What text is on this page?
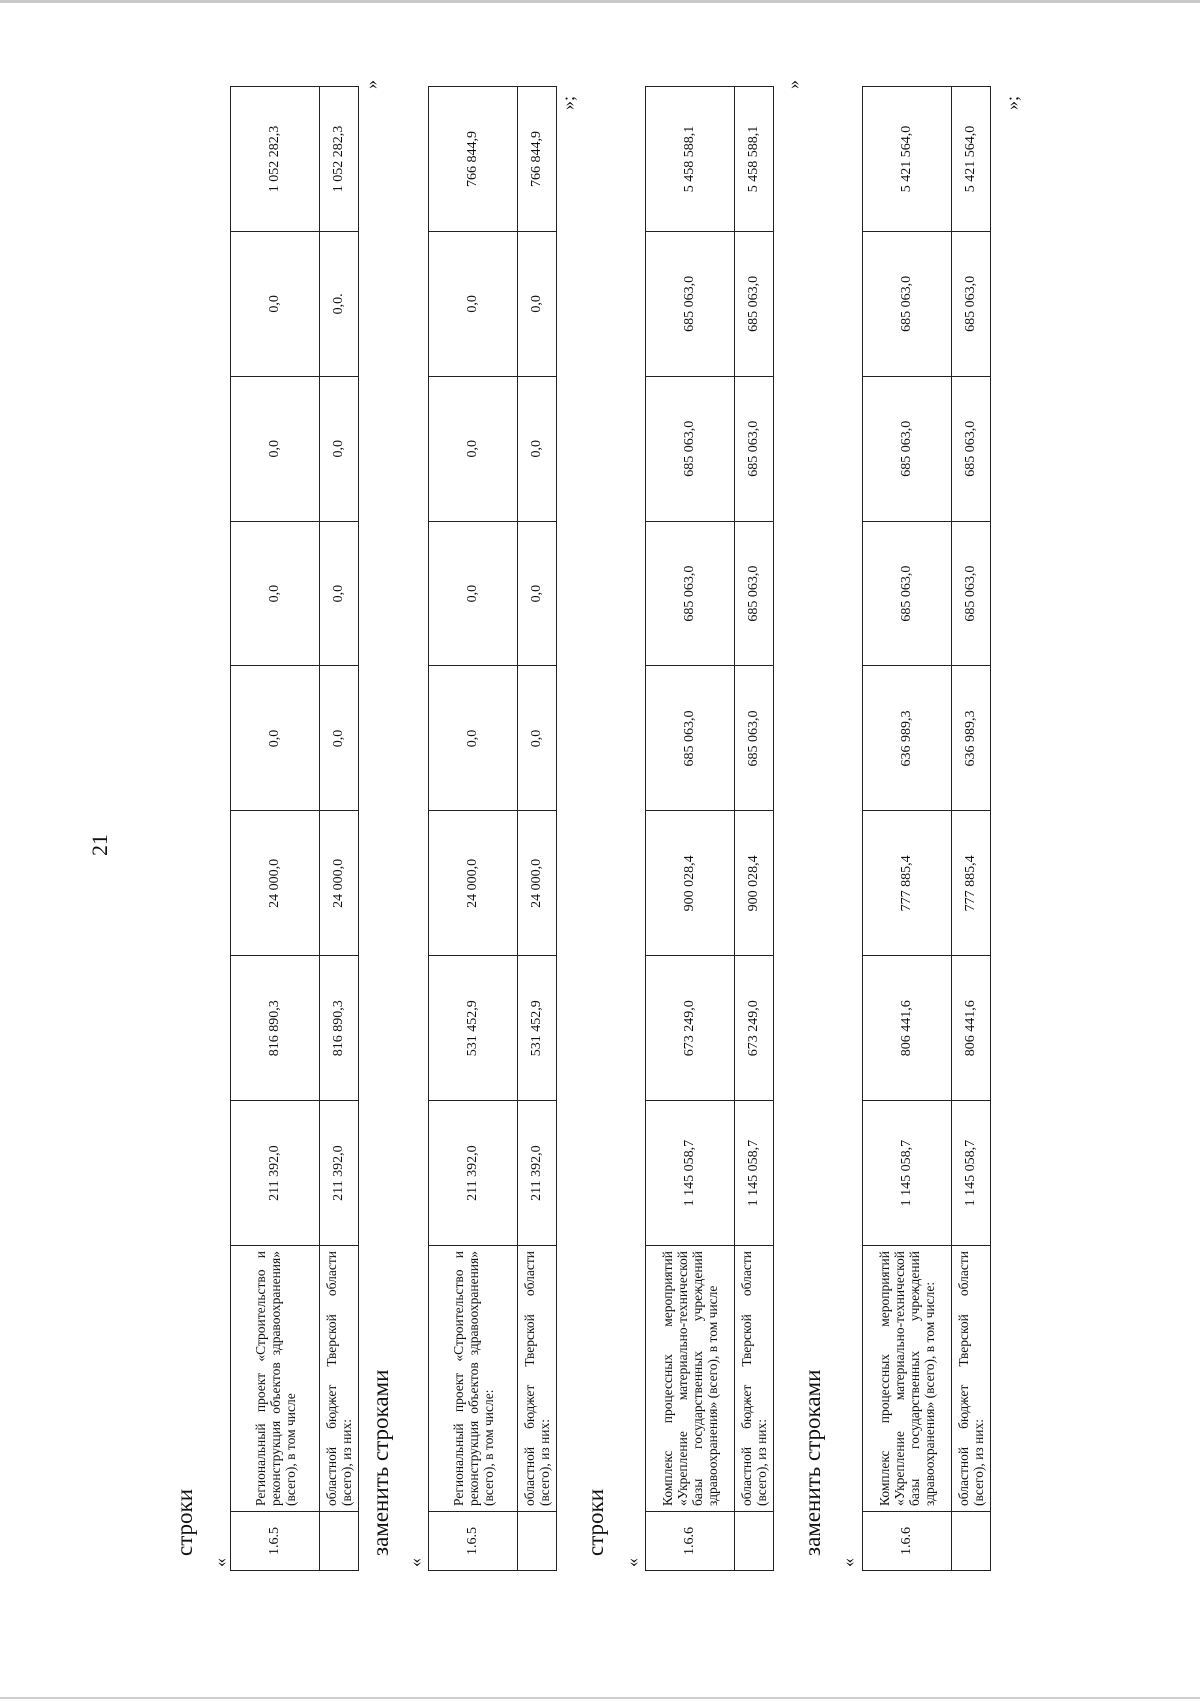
21
строки
«
1.6.5	Региональный проект «Строительство и реконструкция объектов здравоохранения» (всего), в том числе	211 392,0	816 890,3	24 000,0	0,0	0,0	0,0	0,0	1 052 282,3
	областной бюджет Тверской области (всего), из них:	211 392,0	816 890,3	24 000,0	0,0	0,0	0,0	0,0.	1 052 282,3
»
заменить строками
«
1.6.5	Региональный проект «Строительство и реконструкция объектов здравоохранения» (всего), в том числе:	211 392,0	531 452,9	24 000,0	0,0	0,0	0,0	0,0	766 844,9
	областной бюджет Тверской области (всего), из них:	211 392,0	531 452,9	24 000,0	0,0	0,0	0,0	0,0	766 844,9
»;
строки
«
1.6.6	Комплекс процессных мероприятий «Укрепление материально-технической базы государственных учреждений здравоохранения» (всего), в том числе	1 145 058,7	673 249,0	900 028,4	685 063,0	685 063,0	685 063,0	685 063,0	5 458 588,1
	областной бюджет Тверской области (всего), из них:	1 145 058,7	673 249,0	900 028,4	685 063,0	685 063,0	685 063,0	685 063,0	5 458 588,1
»
заменить строками
«
1.6.6	Комплекс процессных мероприятий «Укрепление материально-технической базы государственных учреждений здравоохранения» (всего), в том числе:	1 145 058,7	806 441,6	777 885,4	636 989,3	685 063,0	685 063,0	685 063,0	5 421 564,0
	областной бюджет Тверской области (всего), из них:	1 145 058,7	806 441,6	777 885,4	636 989,3	685 063,0	685 063,0	685 063,0	5 421 564,0
»;
